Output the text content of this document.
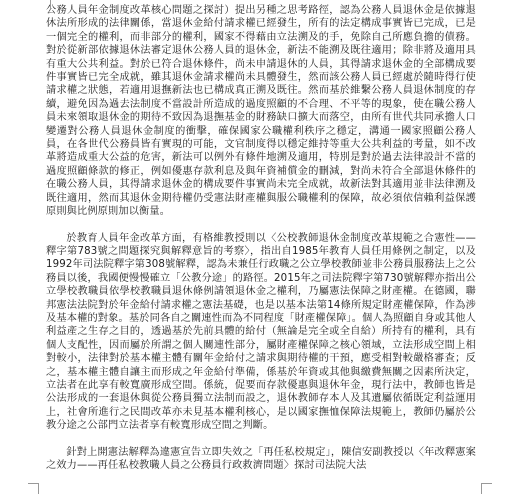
公務人員年金制度改革核心問題之探討）提出另種之思考路徑，認為公務人員退休金是依據退休法所形成的法律關係，當退休金給付請求權已經發生，所有的法定構成事實皆已完成，已是一個完全的權利，而非部分的權利，國家不得藉由立法溯及的手，免除自己所應負擔的債務。對於從新部依據退休法審定退休公務人員的退休金，新法不能溯及既往適用；除非將及適用具有重大公共利益。對於已符合退休條件，尚未申請退休的人員，其得請求退休金的全部構成要件事實皆已完全成就，雖其退休金請求權尚未具體發生，然而該公務人員已經處於隨時得行使請求權之狀態，若適用退撫新法也已構成真正溯及既往。然而基於維繫公務人員退休制度的存續，避免因為過去法制度不當設計所造成的過度照顧的不合理、不平等的現象，使在職公務人員未來領取退休金的期待不致因為退撫基金的財務缺口擴大而落空，由所有世代共同承擔人口變遷對公務人員退休金制度的衝擊，確保國家公職權利秩序之穩定，溝通一國家照顧公務人員，在各世代公務員皆有實現的可能，文官制度得以穩定維持等重大公共利益的考量，如不改革將造成重大公益的危害，新法可以例外有條件地溯及適用，特別是對於過去法律設計不當的過度照顧條款的修正，例如優惠存款利息及與年資補償金的刪減，對尚未符合全部退休條件的在職公務人員，其得請求退休金的構成要件事實尚未完全成就，故新法對其適用並非法律溯及既往適用，然而其退休金期待權仍受憲法財產權與服公職權利的保障，故必須依信賴利益保護原則與比例原則加以衡量。

於教育人員年金改革方面，有格維教授則以〈公校教師退休金制度改革規範之合憲性——釋字第783號之問題探究與解釋意旨的考察〉，指出自1985年教育人員任用條例之制定，以及1992年司法院釋字第308號解釋，認為未兼任行政職之公立學校教師並非公務員服務法上之公務員以後，我國便慢慢確立「公教分途」的路徑。2015年之司法院釋字第730號解釋亦指出公立學校教職員依學校教職員退休條例請領退休金之權利，乃屬憲法保障之財產權。在德國，聯邦憲法法院對於年金給付請求權之憲法基礎，也是以基本法第14條所規定財產權保障，作為涉及基本權的對象。基於同各自之關連性而為不同程度「財產權保障」。個人為照顧自身或其他人利益產之生存之目的，透過基於先前具體的給付（無論是完全或全自給）所持有的權利，具有個人支配性，因而屬於所謂之個人關連性部分，屬財產權保障之核心領域，立法形成空間上相對較小，法律對於基本權主體有關年金給付之請求與期待權的干預，應受相對較嚴格審查；反之，基本權主體自讓主而形成之年金給付準備，係基於年資或其他與繳費無關之因素所決定，立法者在此享有較寬廣形成空間。係統，促要而存款優惠與退休年金，現行法中，教師也皆是公法形成的一套退休與從公務員獨立法制而設之，退休教師存本人及其遺屬依循既定利益運用上，社會所進行之民間改革亦未見基本權利核心，是以國家撫恤保障法規範上，教師仍屬於公教分途之公部門立法者享有較寬形成空間之判斷。

針對上開憲法解釋為違憲宣告立即失效之「再任私校規定」，陳信安副教授以〈年改釋憲案之效力——再任私校教職人員之公務員行政救濟問題〉探討司法院大法
